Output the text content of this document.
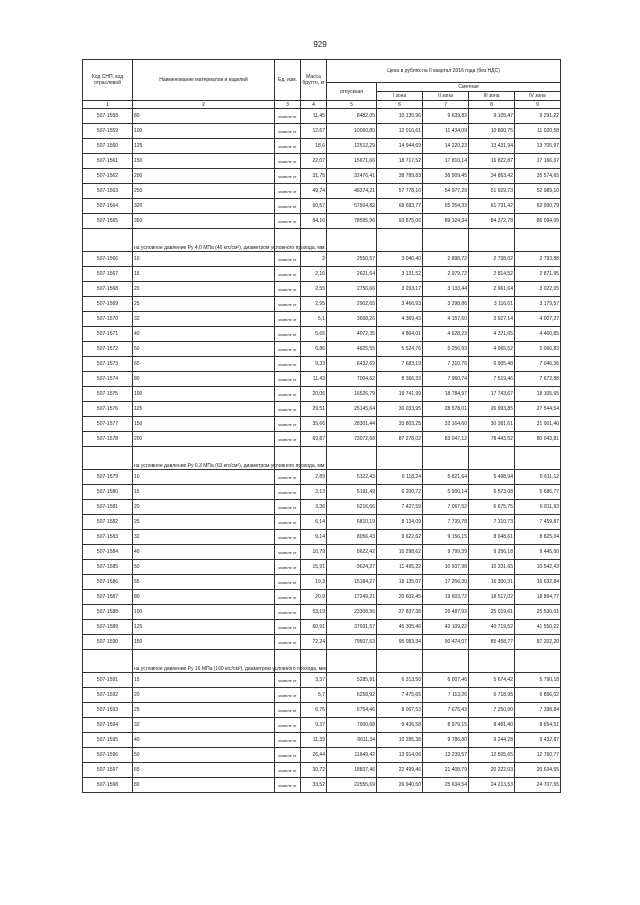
929
Код СНП, код отраслевой	Наименование материалов и изделий	Ед. изм.	Масса брутто, кг	Цена в рублях на II квартал 2016 года (без НДС)				
				отпускная	Сметная			
					I зона	II зона	III зона	IV зона
1	2	3	4	5	6	7	8	9
507-1558	80	компле кт	11,45	8482,05	10 136,96	9 639,83	9 105,47	9 291,22
507-1559	100	компле кт	12,67	10060,80	12 016,61	11 434,09	10 800,75	11 020,58
507-1560	125	компле кт	18,6	12512,29	14 944,69	14 220,23	13 431,94	13 705,97
507-1561	150	компле кт	22,07	15671,66	18 717,52	17 810,14	16 822,87	17 166,07
507-1562	200	компле кт	31,75	32476,41	38 789,83	36 909,45	34 863,42	35 574,65
507-1563	250	компле кт	49,74	48374,21	57 778,16	54 977,29	51 929,73	52 989,10
507-1564	320	компле кт	60,57	57504,82	68 683,77	65 354,33	61 731,42	62 990,79
507-1565	350	компле кт	84,16	78595,96	93 875,06	89 324,34	84 372,78	86 094,05
	на условное давление Ру 4,0 МПа (40 кгс/см²), диаметром условного прохода, мм:							
507-1566	10	компле кт	2	2550,57	3 046,40	2 898,72	2 738,02	2 793,88
507-1567	15	компле кт	2,16	2621,64	3 131,52	2 979,72	2 814,52	2 871,95
507-1568	20	компле кт	2,55	2756,66	3 293,17	3 133,44	2 961,64	3 022,05
507-1569	25	компле кт	2,95	2902,65	3 466,93	3 298,86	3 116,01	3 179,57
507-1570	32	компле кт	5,1	3658,26	4 369,43	4 157,60	3 927,14	4 007,27
507-1571	40	компле кт	5,65	4072,35	4 864,01	4 628,23	4 371,65	4 460,85
507-1572	50	компле кт	6,86	4625,55	5 524,76	5 256,93	4 965,52	5 066,83
507-1573	65	компле кт	9,33	6432,69	7 683,19	7 310,76	6 905,48	7 046,36
507-1574	80	компле кт	11,43	7004,62	8 366,33	7 960,74	7 519,46	7 672,88
507-1575	100	компле кт	20,06	16526,79	19 741,99	18 784,97	17 743,67	18 105,65
507-1576	125	компле кт	29,51	25145,64	30 033,95	28 578,01	26 993,85	27 544,54
507-1577	150	компле кт	35,66	28301,44	33 803,25	32 164,60	30 381,61	31 001,40
507-1578	200	компле кт	69,87	73072,68	87 278,02	83 047,12	78 443,52	80 043,81
	на условное давление Ру 6,3 МПа (63 кгс/см²), диаметром условного прохода, мм:							
507-1579	10	компле кт	2,89	5122,43	6 118,24	5 821,64	5 498,94	5 611,12
507-1580	15	компле кт	3,13	5191,49	6 200,72	5 900,14	5 573,08	5 686,77
507-1581	20	компле кт	3,36	6216,66	7 427,59	7 067,52	6 675,75	6 811,93
507-1582	25	компле кт	6,14	6810,19	8 134,09	7 739,78	7 310,73	7 459,87
507-1583	32	компле кт	9,14	8056,43	9 622,62	9 156,15	8 648,61	8 825,04
507-1584	40	компле кт	10,79	8622,42	10 298,62	9 799,39	9 256,18	9 445,00
507-1585	50	компле кт	15,91	9624,27	11 495,22	10 937,98	10 331,65	10 542,43
507-1586	65	компле кт	19,3	15184,27	18 135,07	17 256,30	16 300,31	16 632,84
507-1587	80	компле кт	20,9	17249,21	20 602,45	19 603,72	18 517,02	18 894,77
507-1588	100	компле кт	53,19	23308,56	27 837,38	26 487,93	25 019,61	25 530,01
507-1589	125	компле кт	60,91	37931,57	45 305,46	43 109,22	40 719,52	41 550,22
507-1590	150	компле кт	72,24	79607,63	95 083,34	90 474,07	85 458,77	87 202,20
	на условное давление Ру 16 МПа (160 кгс/см²), диаметром условного прохода, мм:							
507-1591	15	компле кт	3,37	5285,91	6 313,50	6 007,46	5 674,42	5 790,18
507-1592	20	компле кт	5,7	6258,92	7 475,65	7 113,26	6 718,95	6 856,02
507-1593	25	компле кт	6,76	6754,46	8 067,53	7 676,43	7 250,90	7 398,84
507-1594	32	компле кт	9,37	7900,68	9 436,58	8 979,15	8 481,40	8 654,51
507-1595	40	компле кт	11,39	8611,34	10 285,38	9 786,80	9 244,28	9 432,87
507-1596	50	компле кт	26,44	11649,42	13 914,06	13 239,57	12 505,65	12 760,77
507-1597	65	компле кт	30,72	18837,46	22 499,46	21 408,79	20 222,03	20 634,55
507-1598	80	компле кт	33,52	22555,69	26 940,50	25 634,54	24 213,53	24 707,55
